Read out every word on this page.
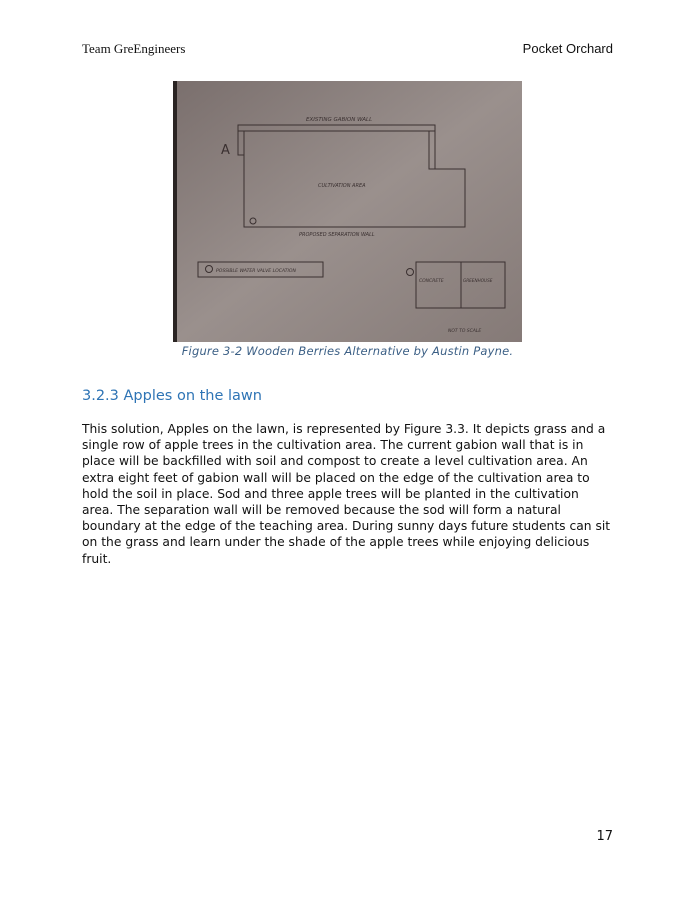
Team GreEngineers	Pocket Orchard
EXISTING GABION WALL
A
CULTIVATION AREA
PROPOSED SEPARATION WALL
POSSIBLE WATER VALVE LOCATION
CONCRETE	GREENHOUSE
NOT TO SCALE
Figure 3-2 Wooden Berries Alternative by Austin Payne.
3.2.3 Apples on the lawn

This solution, Apples on the lawn, is represented by Figure 3.3. It depicts grass and a single row of apple trees in the cultivation area. The current gabion wall that is in place will be backfilled with soil and compost to create a level cultivation area. An extra eight feet of gabion wall will be placed on the edge of the cultivation area to hold the soil in place. Sod and three apple trees will be planted in the cultivation area. The separation wall will be removed because the sod will form a natural boundary at the edge of the teaching area. During sunny days future students can sit on the grass and learn under the shade of the apple trees while enjoying delicious fruit.

17
